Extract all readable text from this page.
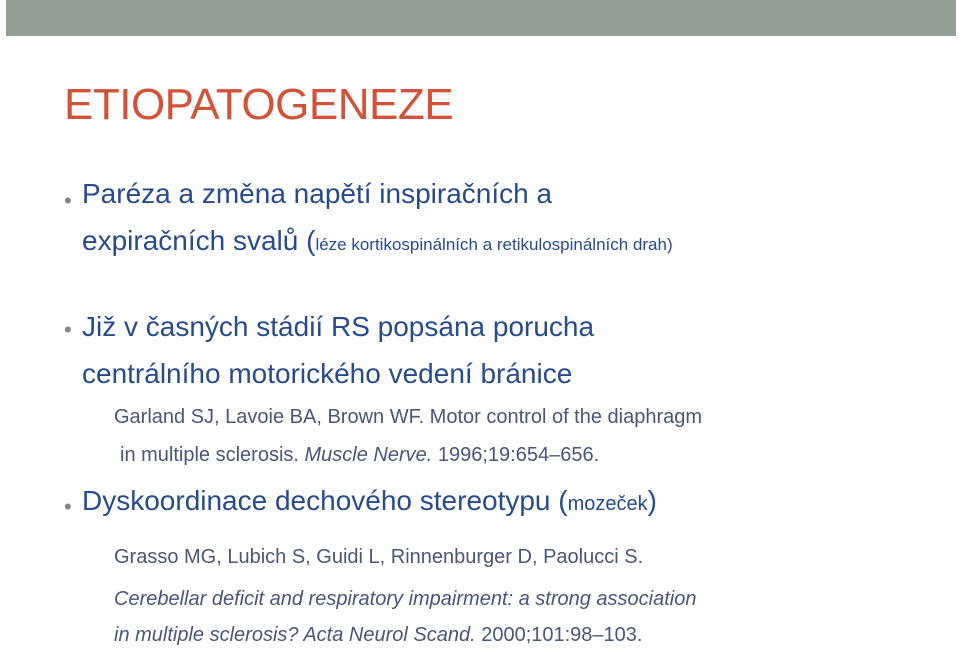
ETIOPATOGENEZE
• Paréza a změna napětí inspiračních a
expiračních svalů (léze kortikospinálních a retikulospinálních drah)
• Již v časných stádií RS popsána porucha
centrálního motorického vedení bránice
Garland SJ, Lavoie BA, Brown WF. Motor control of the diaphragm
in multiple sclerosis. Muscle Nerve. 1996;19:654–656.
• Dyskoordinace dechového stereotypu (mozeček)
Grasso MG, Lubich S, Guidi L, Rinnenburger D, Paolucci S.
Cerebellar deficit and respiratory impairment: a strong association
in multiple sclerosis? Acta Neurol Scand. 2000;101:98–103.
